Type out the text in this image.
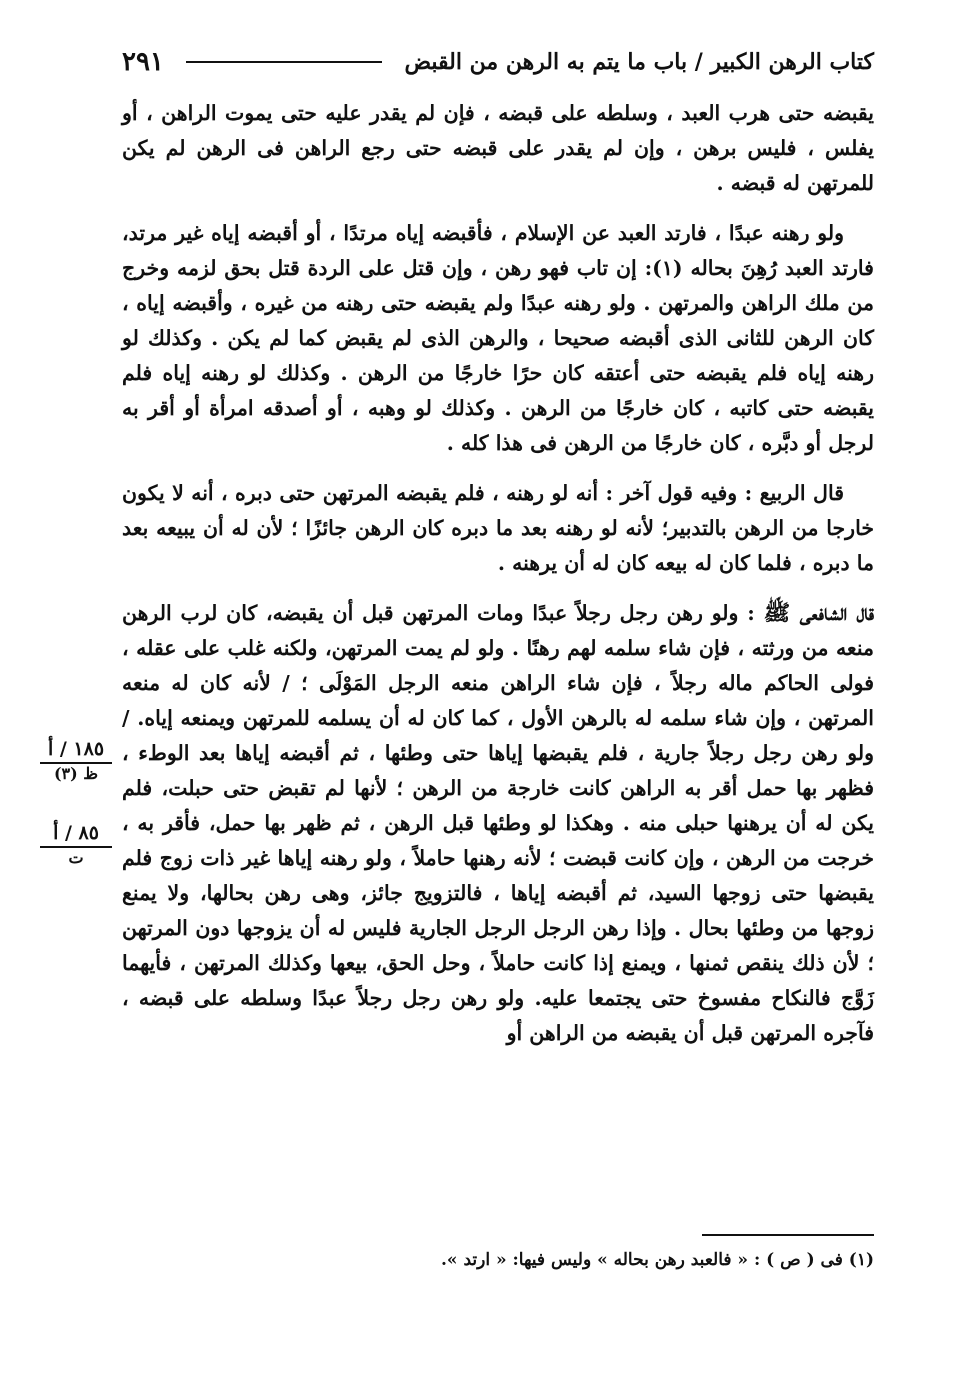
كتاب الرهن الكبير / باب ما يتم به الرهن من القبض
٢٩١

يقبضه حتى هرب العبد ، وسلطه على قبضه ، فإن لم يقدر عليه حتى يموت الراهن ، أو يفلس ، فليس برهن ، وإن لم يقدر على قبضه حتى رجع الراهن فى الرهن لم يكن للمرتهن له قبضه .

ولو رهنه عبدًا ، فارتد العبد عن الإسلام ، فأقبضه إياه مرتدًا ، أو أقبضه إياه غير مرتد، فارتد العبد رُهِنَ بحاله (١): إن تاب فهو رهن ، وإن قتل على الردة قتل بحق لزمه وخرج من ملك الراهن والمرتهن . ولو رهنه عبدًا ولم يقبضه حتى رهنه من غيره ، وأقبضه إياه ، كان الرهن للثانى الذى أقبضه صحيحا ، والرهن الذى لم يقبض كما لم يكن . وكذلك لو رهنه إياه فلم يقبضه حتى أعتقه كان حرًا خارجًا من الرهن . وكذلك لو رهنه إياه فلم يقبضه حتى كاتبه ، كان خارجًا من الرهن . وكذلك لو وهبه ، أو أصدقه امرأة أو أقر به لرجل أو دبَّره ، كان خارجًا من الرهن فى هذا كله .

قال الربيع : وفيه قول آخر : أنه لو رهنه ، فلم يقبضه المرتهن حتى دبره ، أنه لا يكون خارجا من الرهن بالتدبير؛ لأنه لو رهنه بعد ما دبره كان الرهن جائزًا ؛ لأن له أن يبيعه بعد ما دبره ، فلما كان له بيعه كان له أن يرهنه .

قال الشافعى ﷺ : ولو رهن رجل رجلاً عبدًا ومات المرتهن قبل أن يقبضه، كان لرب الرهن منعه من ورثته ، فإن شاء سلمه لهم رهنًا . ولو لم يمت المرتهن، ولكنه غلب على عقله ، فولى الحاكم ماله رجلاً ، فإن شاء الراهن منعه الرجل المَوْلَى ؛ / لأنه كان له منعه المرتهن ، وإن شاء سلمه له بالرهن الأول ، كما كان له أن يسلمه للمرتهن ويمنعه إياه. / ولو رهن رجل رجلاً جارية ، فلم يقبضها إياها حتى وطئها ، ثم أقبضه إياها بعد الوطء ، فظهر بها حمل أقر به الراهن كانت خارجة من الرهن ؛ لأنها لم تقبض حتى حبلت، فلم يكن له أن يرهنها حبلى منه . وهكذا لو وطئها قبل الرهن ، ثم ظهر بها حمل، فأقر به ، خرجت من الرهن ، وإن كانت قبضت ؛ لأنه رهنها حاملاً ، ولو رهنه إياها غير ذات زوج فلم يقبضها حتى زوجها السيد، ثم أقبضه إياها ، فالتزويج جائز، وهى رهن بحالها، ولا يمنع زوجها من وطئها بحال . وإذا رهن الرجل الرجل الجارية فليس له أن يزوجها دون المرتهن ؛ لأن ذلك ينقص ثمنها ، ويمنع إذا كانت حاملاً ، وحل الحق، بيعها وكذلك المرتهن ، فأيهما زَوَّج فالنكاح مفسوخ حتى يجتمعا عليه. ولو رهن رجل رجلاً عبدًا وسلطه على قبضه ، فآجره المرتهن قبل أن يقبضه من الراهن أو

١٨٥ / أ
ظ (٣)
٨٥ / أ
ت
(١) فى ( ص ) : « فالعبد رهن بحاله » وليس فيها: « ارتد ».
